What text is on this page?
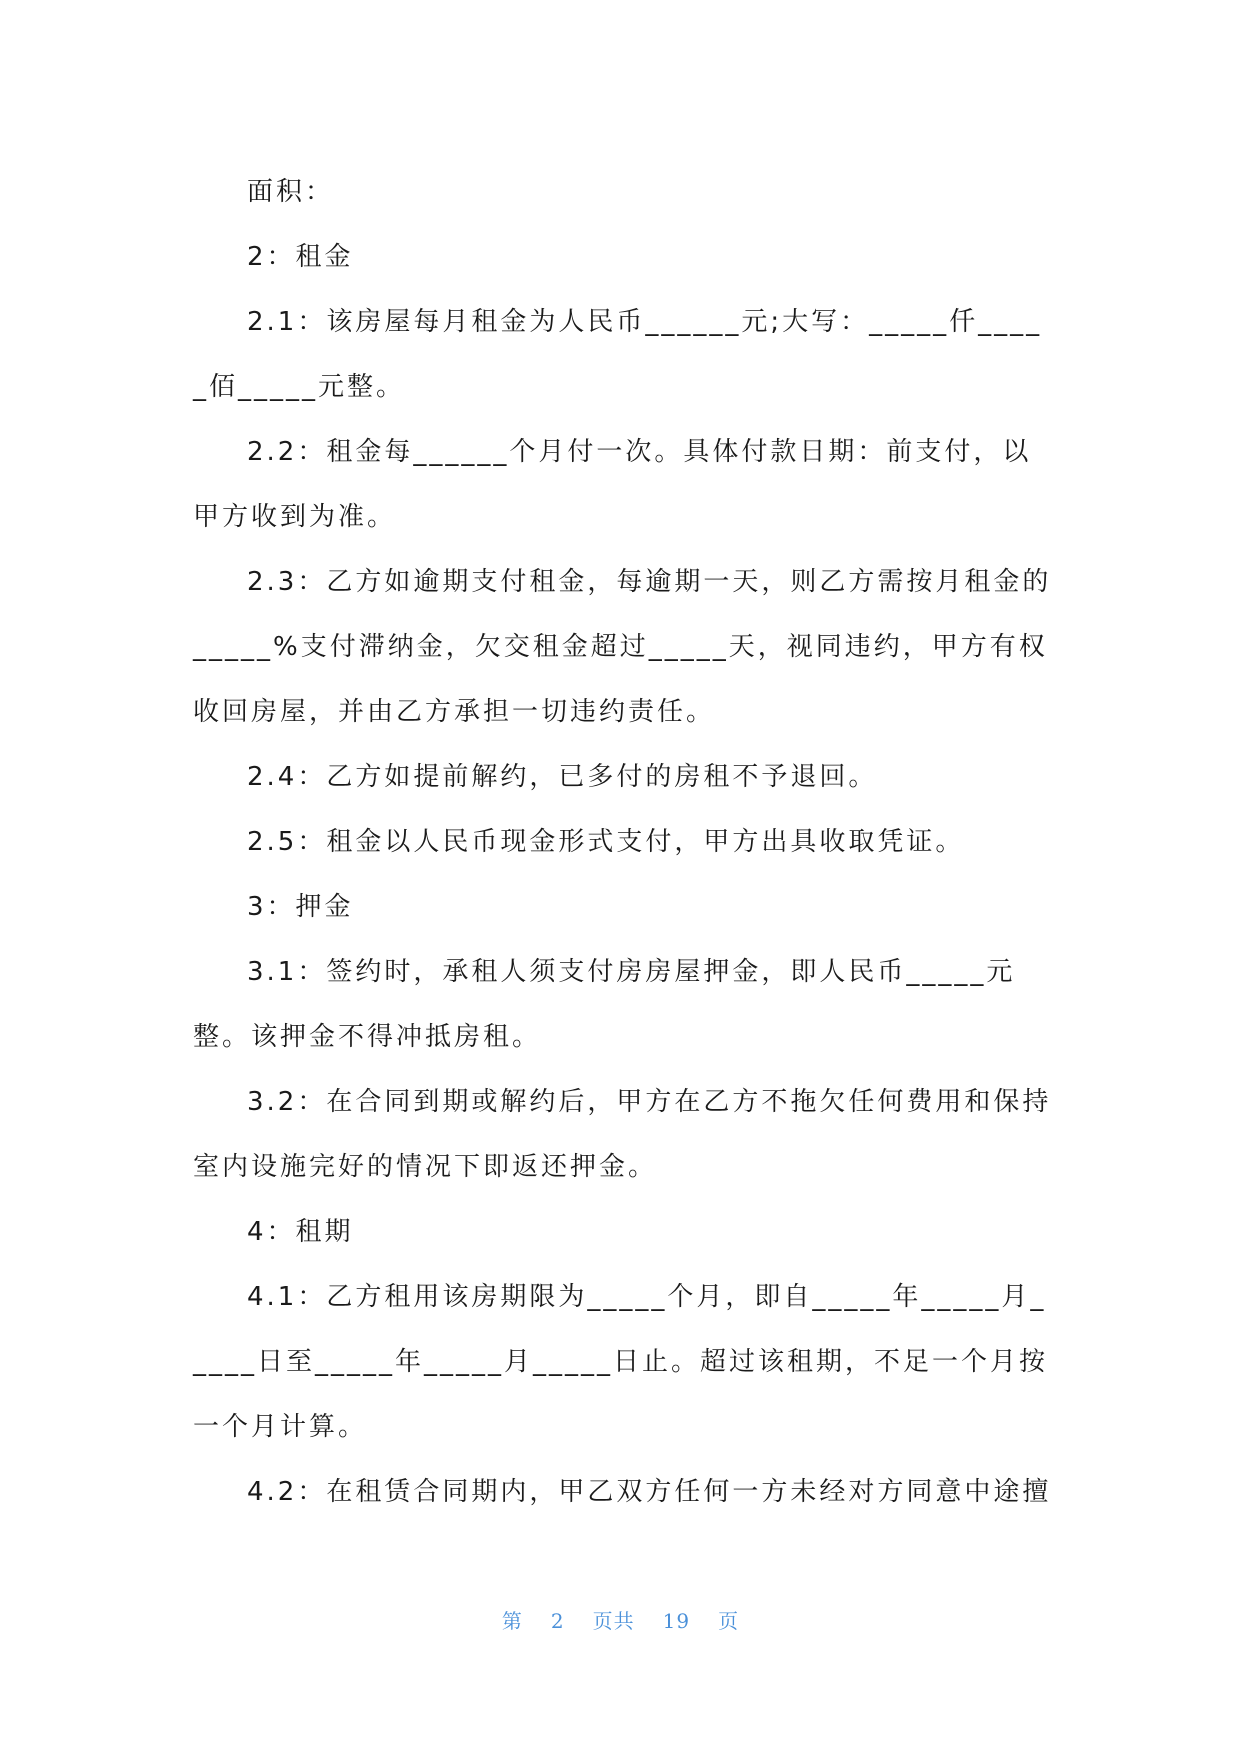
面积：

2：租金

2.1：该房屋每月租金为人民币______元;大写：_____仟_____佰_____元整。

2.2：租金每______个月付一次。具体付款日期：前支付，以甲方收到为准。

2.3：乙方如逾期支付租金，每逾期一天，则乙方需按月租金的_____%支付滞纳金，欠交租金超过_____天，视同违约，甲方有权收回房屋，并由乙方承担一切违约责任。

2.4：乙方如提前解约，已多付的房租不予退回。

2.5：租金以人民币现金形式支付，甲方出具收取凭证。

3：押金

3.1：签约时，承租人须支付房房屋押金，即人民币_____元整。该押金不得冲抵房租。

3.2：在合同到期或解约后，甲方在乙方不拖欠任何费用和保持室内设施完好的情况下即返还押金。

4：租期

4.1：乙方租用该房期限为_____个月，即自_____年_____月_____日至_____年_____月_____日止。超过该租期，不足一个月按一个月计算。

4.2：在租赁合同期内，甲乙双方任何一方未经对方同意中途擅

第 2 页共 19 页
